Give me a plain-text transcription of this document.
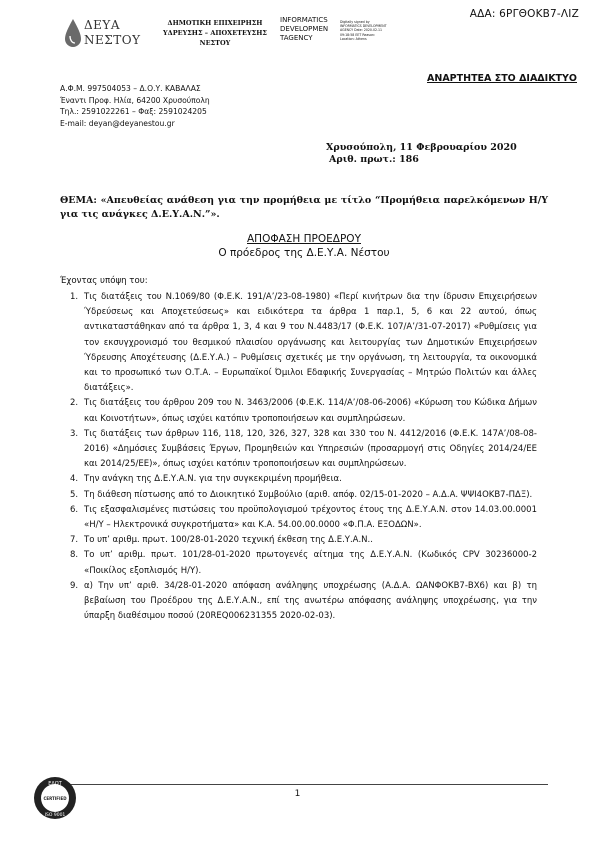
ΑΔΑ: 6ΡΓΘΟΚΒ7-ΛΙΖ
ΔΕΥΑ
ΝΕΣΤΟΥ
ΔΗΜΟΤΙΚΗ ΕΠΙΧΕΙΡΗΣΗ
ΥΔΡΕΥΣΗΣ – ΑΠΟΧΕΤΕΥΣΗΣ
ΝΕΣΤΟΥ
INFORMATICS
DEVELOPMEN
TAGENCY
Digitally signed by INFORMATICS DEVELOPMENT AGENCY Date: 2020.02.11 09:18:58 EET Reason: Location: Athens
ΑΝΑΡΤΗΤΕΑ ΣΤΟ ΔΙΑΔΙΚΤΥΟ
Α.Φ.Μ. 997504053 – Δ.Ο.Υ. ΚΑΒΑΛΑΣ
Έναντι Προφ. Ηλία, 64200 Χρυσούπολη
Τηλ.: 2591022261 – Φαξ: 2591024205
E-mail: deyan@deyanestou.gr
Χρυσούπολη, 11 Φεβρουαρίου 2020
Αριθ. πρωτ.: 186
ΘΕΜΑ: «Απευθείας ανάθεση για την προμήθεια με τίτλο “Προμήθεια παρελκόμενων Η/Υ για τις ανάγκες Δ.Ε.Υ.Α.Ν.”».
ΑΠΟΦΑΣΗ ΠΡΟΕΔΡΟΥ
Ο πρόεδρος της Δ.Ε.Υ.Α. Νέστου
Έχοντας υπόψη του:
1. Τις διατάξεις του Ν.1069/80 (Φ.Ε.Κ. 191/Α’/23-08-1980) «Περί κινήτρων δια την ίδρυσιν Επιχειρήσεων Ύδρεύσεως και Αποχετεύσεως» και ειδικότερα τα άρθρα 1 παρ.1, 5, 6 και 22 αυτού, όπως αντικαταστάθηκαν από τα άρθρα 1, 3, 4 και 9 του Ν.4483/17 (Φ.Ε.Κ. 107/Α’/31-07-2017) «Ρυθμίσεις για τον εκσυγχρονισμό του θεσμικού πλαισίου οργάνωσης και λειτουργίας των Δημοτικών Επιχειρήσεων Ύδρευσης Αποχέτευσης (Δ.Ε.Υ.Α.) – Ρυθμίσεις σχετικές με την οργάνωση, τη λειτουργία, τα οικονομικά και το προσωπικό των Ο.Τ.Α. – Ευρωπαϊκοί Όμιλοι Εδαφικής Συνεργασίας – Μητρώο Πολιτών και άλλες διατάξεις».
2. Τις διατάξεις του άρθρου 209 του Ν. 3463/2006 (Φ.Ε.Κ. 114/Α’/08-06-2006) «Κύρωση του Κώδικα Δήμων και Κοινοτήτων», όπως ισχύει κατόπιν τροποποιήσεων και συμπληρώσεων.
3. Τις διατάξεις των άρθρων 116, 118, 120, 326, 327, 328 και 330 του Ν. 4412/2016 (Φ.Ε.Κ. 147Α’/08-08-2016) «Δημόσιες Συμβάσεις Έργων, Προμηθειών και Υπηρεσιών (προσαρμογή στις Οδηγίες 2014/24/ΕΕ και 2014/25/ΕΕ)», όπως ισχύει κατόπιν τροποποιήσεων και συμπληρώσεων.
4. Την ανάγκη της Δ.Ε.Υ.Α.Ν. για την συγκεκριμένη προμήθεια.
5. Τη διάθεση πίστωσης από το Διοικητικό Συμβούλιο (αριθ. απόφ. 02/15-01-2020 – Α.Δ.Α. ΨΨΙ4ΟΚΒ7-ΠΔΞ).
6. Τις εξασφαλισμένες πιστώσεις του προϋπολογισμού τρέχοντος έτους της Δ.Ε.Υ.Α.Ν. στον 14.03.00.0001 «Η/Υ – Ηλεκτρονικά συγκροτήματα» και Κ.Α. 54.00.00.0000 «Φ.Π.Α. ΕΞΟΔΩΝ».
7. Το υπ’ αριθμ. πρωτ. 100/28-01-2020 τεχνική έκθεση της Δ.Ε.Υ.Α.Ν..
8. Το υπ’ αριθμ. πρωτ. 101/28-01-2020 πρωτογενές αίτημα της Δ.Ε.Υ.Α.Ν. (Κωδικός CPV 30236000-2 «Ποικίλος εξοπλισμός Η/Υ).
9. α) Την υπ’ αριθ. 34/28-01-2020 απόφαση ανάληψης υποχρέωσης (Α.Δ.Α. ΩΑΝΦΟΚΒ7-ΒΧ6) και β) τη βεβαίωση του Προέδρου της Δ.Ε.Υ.Α.Ν., επί της ανωτέρω απόφασης ανάληψης υποχρέωσης, για την ύπαρξη διαθέσιμου ποσού (20REQ006231355 2020-02-03).
1
ΕΛΟΤ
CERTIFIED
ISO 9001
